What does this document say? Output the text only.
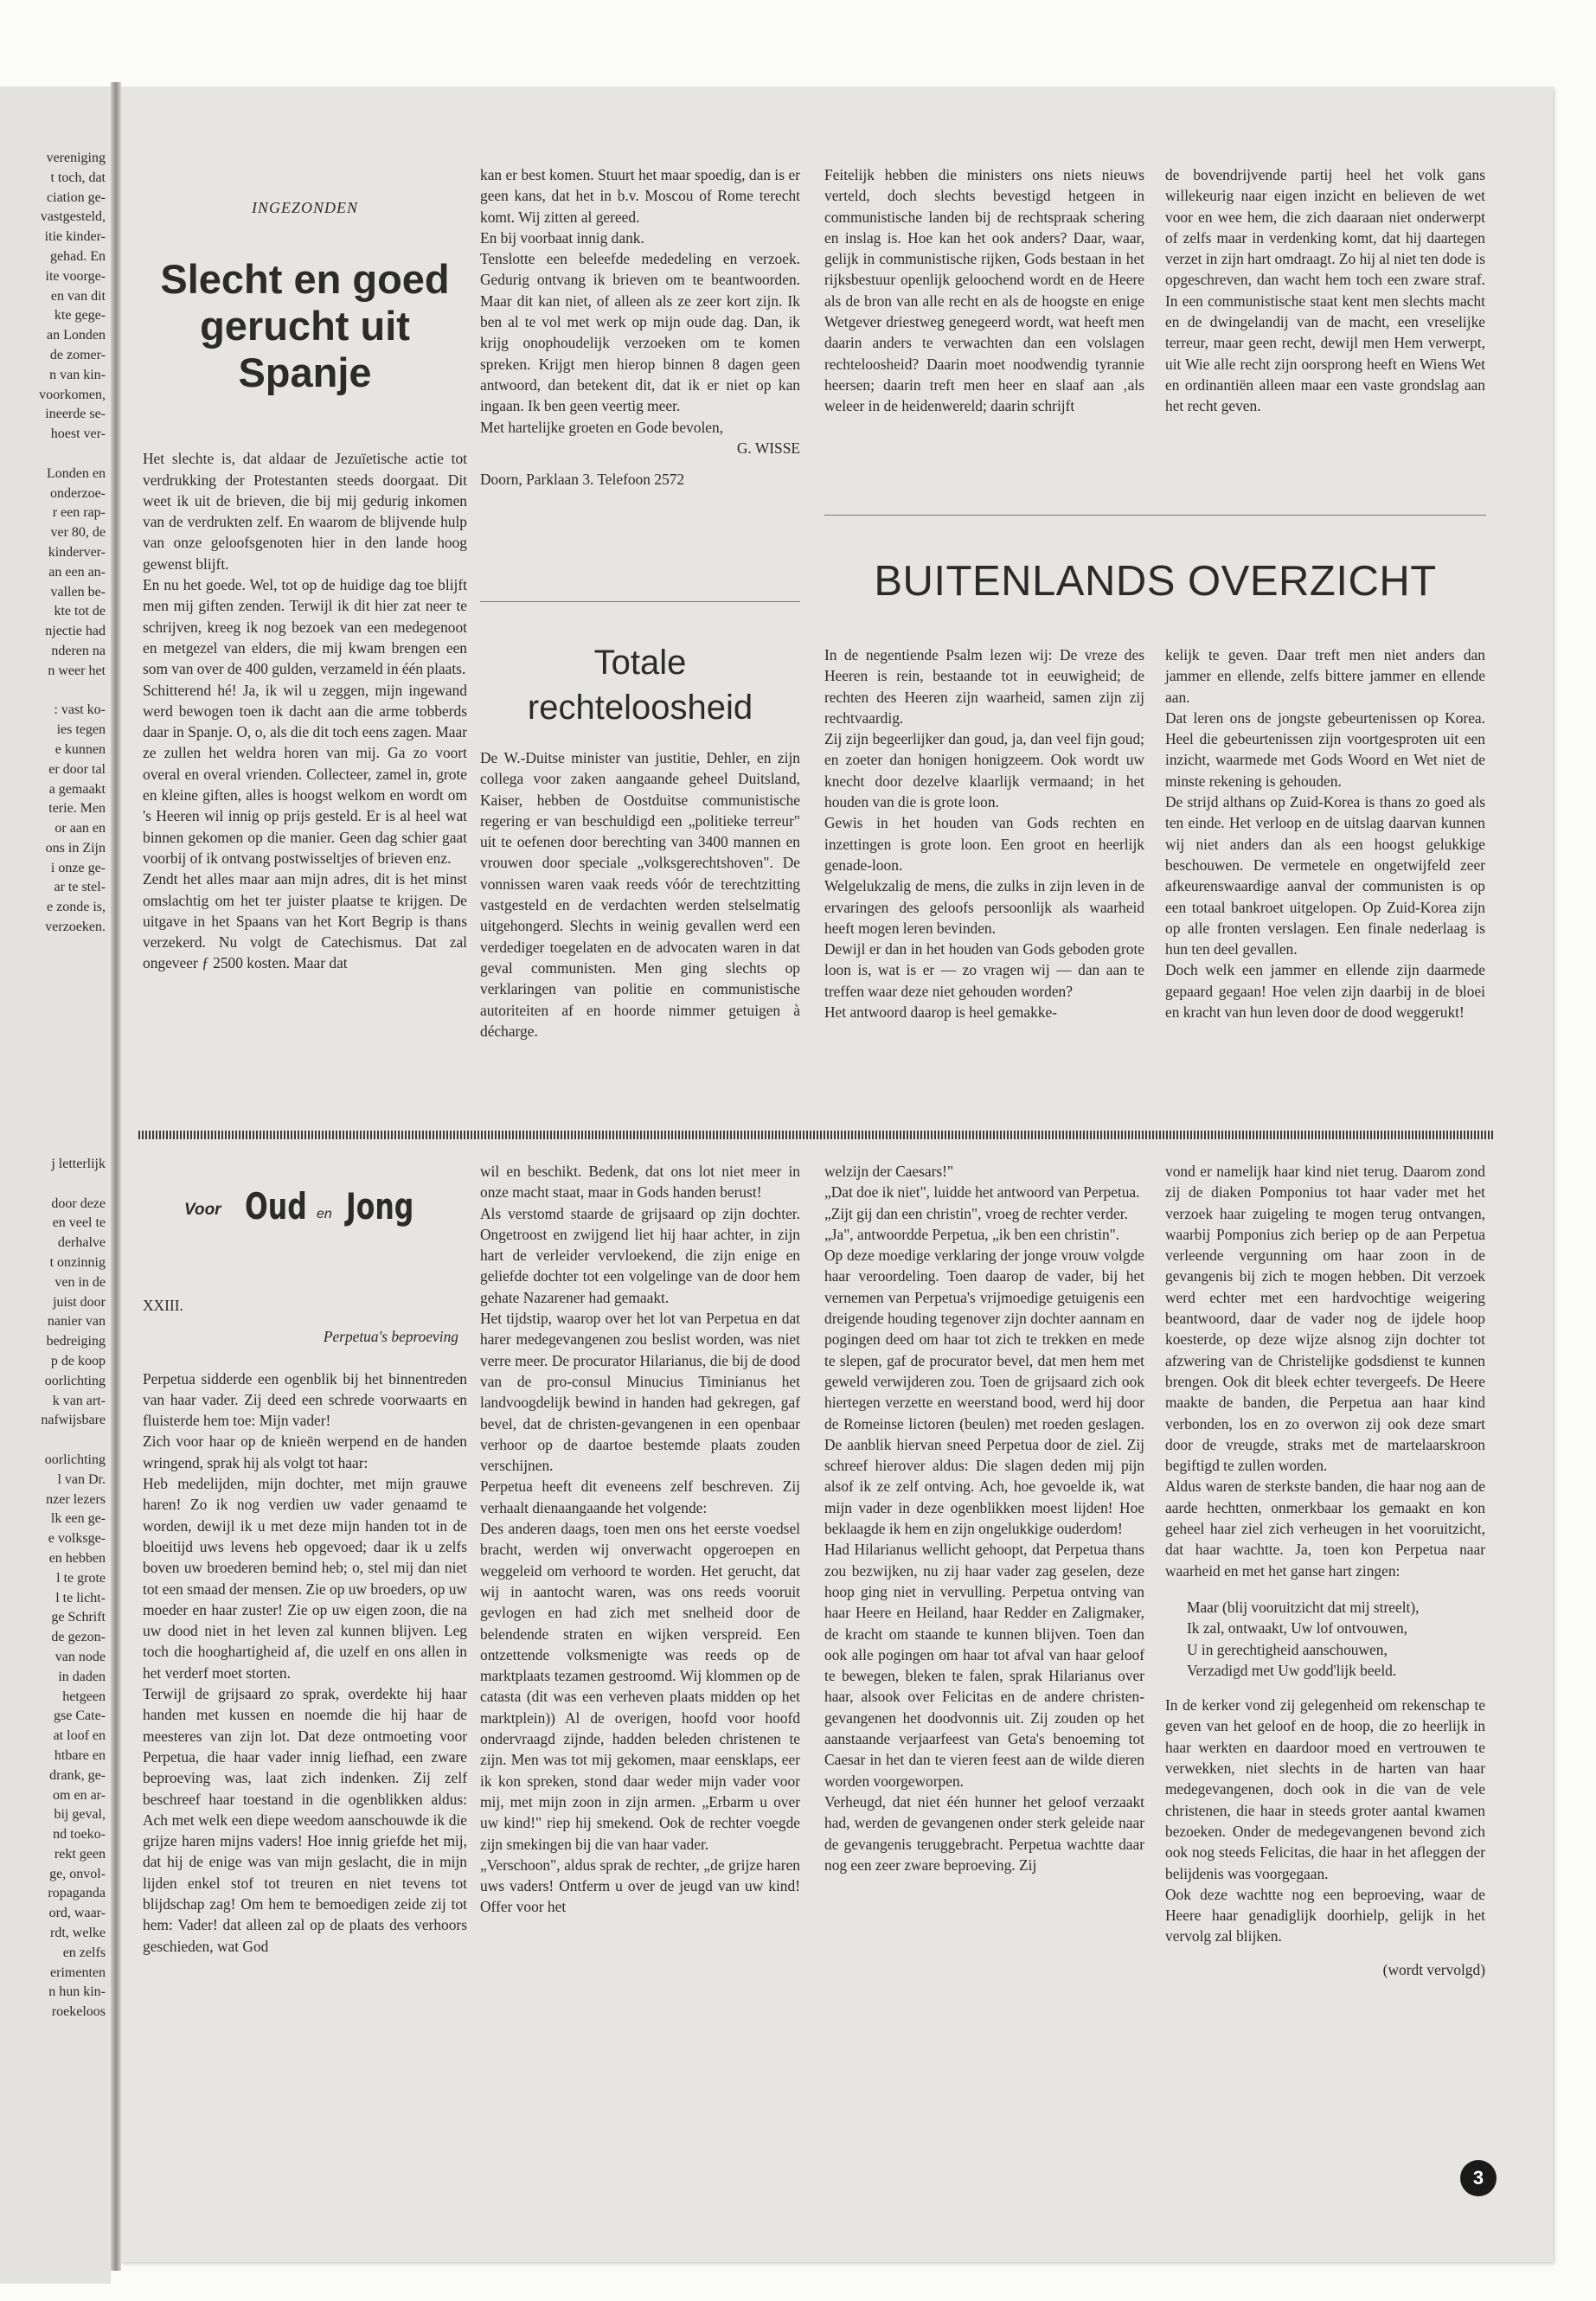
vereniging
t toch, dat
ciation ge-
vastgesteld,
itie kinder-
gehad. En
ite voorge-
en van dit
kte gege-
an Londen
de zomer-
n van kin-
voorkomen,
ineerde se-
hoest ver-
Londen en
onderzoe-
r een rap-
ver 80, de
kinderver-
an een an-
vallen be-
kte tot de
njectie had
nderen na
n weer het
: vast ko-
ies tegen
e kunnen
er door tal
a gemaakt
terie. Men
or aan en
ons in Zijn
i onze ge-
ar te stel-
e zonde is,
verzoeken.
j letterlijk
door deze
en veel te
derhalve
t onzinnig
ven in de
juist door
nanier van
bedreiging
p de koop
oorlichting
k van art-
nafwijsbare
oorlichting
l van Dr.
nzer lezers
lk een ge-
e volksge-
en hebben
l te grote
l te licht-
ge Schrift
de gezon-
van node
in daden
hetgeen
gse Cate-
at loof en
htbare en
drank, ge-
om en ar-
bij geval,
nd toeko-
rekt geen
ge, onvol-
ropaganda
ord, waar-
rdt, welke
en zelfs
erimenten
n hun kin-
roekeloos
INGEZONDEN
Slecht en goed
gerucht uit
Spanje

Het slechte is, dat aldaar de Jezuïetische actie tot verdrukking der Protestanten steeds doorgaat. Dit weet ik uit de brieven, die bij mij gedurig inkomen van de verdrukten zelf. En waarom de blijvende hulp van onze geloofsgenoten hier in den lande hoog gewenst blijft.

En nu het goede. Wel, tot op de huidige dag toe blijft men mij giften zenden. Terwijl ik dit hier zat neer te schrijven, kreeg ik nog bezoek van een medegenoot en metgezel van elders, die mij kwam brengen een som van over de 400 gulden, verzameld in één plaats.

Schitterend hé! Ja, ik wil u zeggen, mijn ingewand werd bewogen toen ik dacht aan die arme tobberds daar in Spanje. O, o, als die dit toch eens zagen. Maar ze zullen het weldra horen van mij. Ga zo voort overal en overal vrienden. Collecteer, zamel in, grote en kleine giften, alles is hoogst welkom en wordt om 's Heeren wil innig op prijs gesteld. Er is al heel wat binnen gekomen op die manier. Geen dag schier gaat voorbij of ik ontvang postwisseltjes of brieven enz.

Zendt het alles maar aan mijn adres, dit is het minst omslachtig om het ter juister plaatse te krijgen. De uitgave in het Spaans van het Kort Begrip is thans verzekerd. Nu volgt de Catechismus. Dat zal ongeveer ƒ 2500 kosten. Maar dat

kan er best komen. Stuurt het maar spoedig, dan is er geen kans, dat het in b.v. Moscou of Rome terecht komt. Wij zitten al gereed.

En bij voorbaat innig dank.

Tenslotte een beleefde mededeling en verzoek. Gedurig ontvang ik brieven om te beantwoorden. Maar dit kan niet, of alleen als ze zeer kort zijn. Ik ben al te vol met werk op mijn oude dag. Dan, ik krijg onophoudelijk verzoeken om te komen spreken. Krijgt men hierop binnen 8 dagen geen antwoord, dan betekent dit, dat ik er niet op kan ingaan. Ik ben geen veertig meer.

Met hartelijke groeten en Gode bevolen,

G. WISSE

Doorn, Parklaan 3. Telefoon 2572

Totale
rechteloosheid

De W.-Duitse minister van justitie, Dehler, en zijn collega voor zaken aangaande geheel Duitsland, Kaiser, hebben de Oostduitse communistische regering er van beschuldigd een „politieke terreur" uit te oefenen door berechting van 3400 mannen en vrouwen door speciale „volksgerechtshoven". De vonnissen waren vaak reeds vóór de terechtzitting vastgesteld en de verdachten werden stelselmatig uitgehongerd. Slechts in weinig gevallen werd een verdediger toegelaten en de advocaten waren in dat geval communisten. Men ging slechts op verklaringen van politie en communistische autoriteiten af en hoorde nimmer getuigen à décharge.

Feitelijk hebben die ministers ons niets nieuws verteld, doch slechts bevestigd hetgeen in communistische landen bij de rechtspraak schering en inslag is. Hoe kan het ook anders? Daar, waar, gelijk in communistische rijken, Gods bestaan in het rijksbestuur openlijk geloochend wordt en de Heere als de bron van alle recht en als de hoogste en enige Wetgever driestweg genegeerd wordt, wat heeft men daarin anders te verwachten dan een volslagen rechteloosheid? Daarin moet noodwendig tyrannie heersen; daarin treft men heer en slaaf aan ‚als weleer in de heidenwereld; daarin schrijft

de bovendrijvende partij heel het volk gans willekeurig naar eigen inzicht en believen de wet voor en wee hem, die zich daaraan niet onderwerpt of zelfs maar in verdenking komt, dat hij daartegen verzet in zijn hart omdraagt. Zo hij al niet ten dode is opgeschreven, dan wacht hem toch een zware straf. In een communistische staat kent men slechts macht en de dwingelandij van de macht, een vreselijke terreur, maar geen recht, dewijl men Hem verwerpt, uit Wie alle recht zijn oorsprong heeft en Wiens Wet en ordinantiën alleen maar een vaste grondslag aan het recht geven.

BUITENLANDS OVERZICHT

In de negentiende Psalm lezen wij: De vreze des Heeren is rein, bestaande tot in eeuwigheid; de rechten des Heeren zijn waarheid, samen zijn zij rechtvaardig.

Zij zijn begeerlijker dan goud, ja, dan veel fijn goud; en zoeter dan honigen honigzeem. Ook wordt uw knecht door dezelve klaarlijk vermaand; in het houden van die is grote loon.

Gewis in het houden van Gods rechten en inzettingen is grote loon. Een groot en heerlijk genade-loon.

Welgelukzalig de mens, die zulks in zijn leven in de ervaringen des geloofs persoonlijk als waarheid heeft mogen leren bevinden.

Dewijl er dan in het houden van Gods geboden grote loon is, wat is er — zo vragen wij — dan aan te treffen waar deze niet gehouden worden?

Het antwoord daarop is heel gemakke-

kelijk te geven. Daar treft men niet anders dan jammer en ellende, zelfs bittere jammer en ellende aan.

Dat leren ons de jongste gebeurtenissen op Korea. Heel die gebeurtenissen zijn voortgesproten uit een inzicht, waarmede met Gods Woord en Wet niet de minste rekening is gehouden.

De strijd althans op Zuid-Korea is thans zo goed als ten einde. Het verloop en de uitslag daarvan kunnen wij niet anders dan als een hoogst gelukkige beschouwen. De vermetele en ongetwijfeld zeer afkeurenswaardige aanval der communisten is op een totaal bankroet uitgelopen. Op Zuid-Korea zijn op alle fronten verslagen. Een finale nederlaag is hun ten deel gevallen.

Doch welk een jammer en ellende zijn daarmede gepaard gegaan! Hoe velen zijn daarbij in de bloei en kracht van hun leven door de dood weggerukt!

Voor Oud en Jong

XXIII.

Perpetua's beproeving

Perpetua sidderde een ogenblik bij het binnentreden van haar vader. Zij deed een schrede voorwaarts en fluisterde hem toe: Mijn vader!

Zich voor haar op de knieën werpend en de handen wringend, sprak hij als volgt tot haar:

Heb medelijden, mijn dochter, met mijn grauwe haren! Zo ik nog verdien uw vader genaamd te worden, dewijl ik u met deze mijn handen tot in de bloeitijd uws levens heb opgevoed; daar ik u zelfs boven uw broederen bemind heb; o, stel mij dan niet tot een smaad der mensen. Zie op uw broeders, op uw moeder en haar zuster! Zie op uw eigen zoon, die na uw dood niet in het leven zal kunnen blijven. Leg toch die hooghartigheid af, die uzelf en ons allen in het verderf moet storten.

Terwijl de grijsaard zo sprak, overdekte hij haar handen met kussen en noemde die hij haar de meesteres van zijn lot. Dat deze ontmoeting voor Perpetua, die haar vader innig liefhad, een zware beproeving was, laat zich indenken. Zij zelf beschreef haar toestand in die ogenblikken aldus: Ach met welk een diepe weedom aanschouwde ik die grijze haren mijns vaders! Hoe innig griefde het mij, dat hij de enige was van mijn geslacht, die in mijn lijden enkel stof tot treuren en niet tevens tot blijdschap zag! Om hem te bemoedigen zeide zij tot hem: Vader! dat alleen zal op de plaats des verhoors geschieden, wat God

wil en beschikt. Bedenk, dat ons lot niet meer in onze macht staat, maar in Gods handen berust!

Als verstomd staarde de grijsaard op zijn dochter. Ongetroost en zwijgend liet hij haar achter, in zijn hart de verleider vervloekend, die zijn enige en geliefde dochter tot een volgelinge van de door hem gehate Nazarener had gemaakt.

Het tijdstip, waarop over het lot van Perpetua en dat harer medegevangenen zou beslist worden, was niet verre meer. De procurator Hilarianus, die bij de dood van de pro-consul Minucius Timinianus het landvoogdelijk bewind in handen had gekregen, gaf bevel, dat de christen-gevangenen in een openbaar verhoor op de daartoe bestemde plaats zouden verschijnen.

Perpetua heeft dit eveneens zelf beschreven. Zij verhaalt dienaangaande het volgende:

Des anderen daags, toen men ons het eerste voedsel bracht, werden wij onverwacht opgeroepen en weggeleid om verhoord te worden. Het gerucht, dat wij in aantocht waren, was ons reeds vooruit gevlogen en had zich met snelheid door de belendende straten en wijken verspreid. Een ontzettende volksmenigte was reeds op de marktplaats tezamen gestroomd. Wij klommen op de catasta (dit was een verheven plaats midden op het marktplein)) Al de overigen, hoofd voor hoofd ondervraagd zijnde, hadden beleden christenen te zijn. Men was tot mij gekomen, maar eensklaps, eer ik kon spreken, stond daar weder mijn vader voor mij, met mijn zoon in zijn armen. „Erbarm u over uw kind!" riep hij smekend. Ook de rechter voegde zijn smekingen bij die van haar vader.

„Verschoon", aldus sprak de rechter, „de grijze haren uws vaders! Ontferm u over de jeugd van uw kind! Offer voor het

welzijn der Caesars!"

„Dat doe ik niet", luidde het antwoord van Perpetua.

„Zijt gij dan een christin", vroeg de rechter verder.

„Ja", antwoordde Perpetua, „ik ben een christin".

Op deze moedige verklaring der jonge vrouw volgde haar veroordeling. Toen daarop de vader, bij het vernemen van Perpetua's vrijmoedige getuigenis een dreigende houding tegenover zijn dochter aannam en pogingen deed om haar tot zich te trekken en mede te slepen, gaf de procurator bevel, dat men hem met geweld verwijderen zou. Toen de grijsaard zich ook hiertegen verzette en weerstand bood, werd hij door de Romeinse lictoren (beulen) met roeden geslagen. De aanblik hiervan sneed Perpetua door de ziel. Zij schreef hierover aldus: Die slagen deden mij pijn alsof ik ze zelf ontving. Ach, hoe gevoelde ik, wat mijn vader in deze ogenblikken moest lijden! Hoe beklaagde ik hem en zijn ongelukkige ouderdom!

Had Hilarianus wellicht gehoopt, dat Perpetua thans zou bezwijken, nu zij haar vader zag geselen, deze hoop ging niet in vervulling. Perpetua ontving van haar Heere en Heiland, haar Redder en Zaligmaker, de kracht om staande te kunnen blijven. Toen dan ook alle pogingen om haar tot afval van haar geloof te bewegen, bleken te falen, sprak Hilarianus over haar, alsook over Felicitas en de andere christen-gevangenen het doodvonnis uit. Zij zouden op het aanstaande verjaarfeest van Geta's benoeming tot Caesar in het dan te vieren feest aan de wilde dieren worden voorgeworpen.

Verheugd, dat niet één hunner het geloof verzaakt had, werden de gevangenen onder sterk geleide naar de gevangenis teruggebracht. Perpetua wachtte daar nog een zeer zware beproeving. Zij

vond er namelijk haar kind niet terug. Daarom zond zij de diaken Pomponius tot haar vader met het verzoek haar zuigeling te mogen terug ontvangen, waarbij Pomponius zich beriep op de aan Perpetua verleende vergunning om haar zoon in de gevangenis bij zich te mogen hebben. Dit verzoek werd echter met een hardvochtige weigering beantwoord, daar de vader nog de ijdele hoop koesterde, op deze wijze alsnog zijn dochter tot afzwering van de Christelijke godsdienst te kunnen brengen. Ook dit bleek echter tevergeefs. De Heere maakte de banden, die Perpetua aan haar kind verbonden, los en zo overwon zij ook deze smart door de vreugde, straks met de martelaarskroon begiftigd te zullen worden.

Aldus waren de sterkste banden, die haar nog aan de aarde hechtten, onmerkbaar los gemaakt en kon geheel haar ziel zich verheugen in het vooruitzicht, dat haar wachtte. Ja, toen kon Perpetua naar waarheid en met het ganse hart zingen:

Maar (blij vooruitzicht dat mij streelt),
Ik zal, ontwaakt, Uw lof ontvouwen,
U in gerechtigheid aanschouwen,
Verzadigd met Uw godd'lijk beeld.

In de kerker vond zij gelegenheid om rekenschap te geven van het geloof en de hoop, die zo heerlijk in haar werkten en daardoor moed en vertrouwen te verwekken, niet slechts in de harten van haar medegevangenen, doch ook in die van de vele christenen, die haar in steeds groter aantal kwamen bezoeken. Onder de medegevangenen bevond zich ook nog steeds Felicitas, die haar in het afleggen der belijdenis was voorgegaan.

Ook deze wachtte nog een beproeving, waar de Heere haar genadiglijk doorhielp, gelijk in het vervolg zal blijken.

(wordt vervolgd)

3
